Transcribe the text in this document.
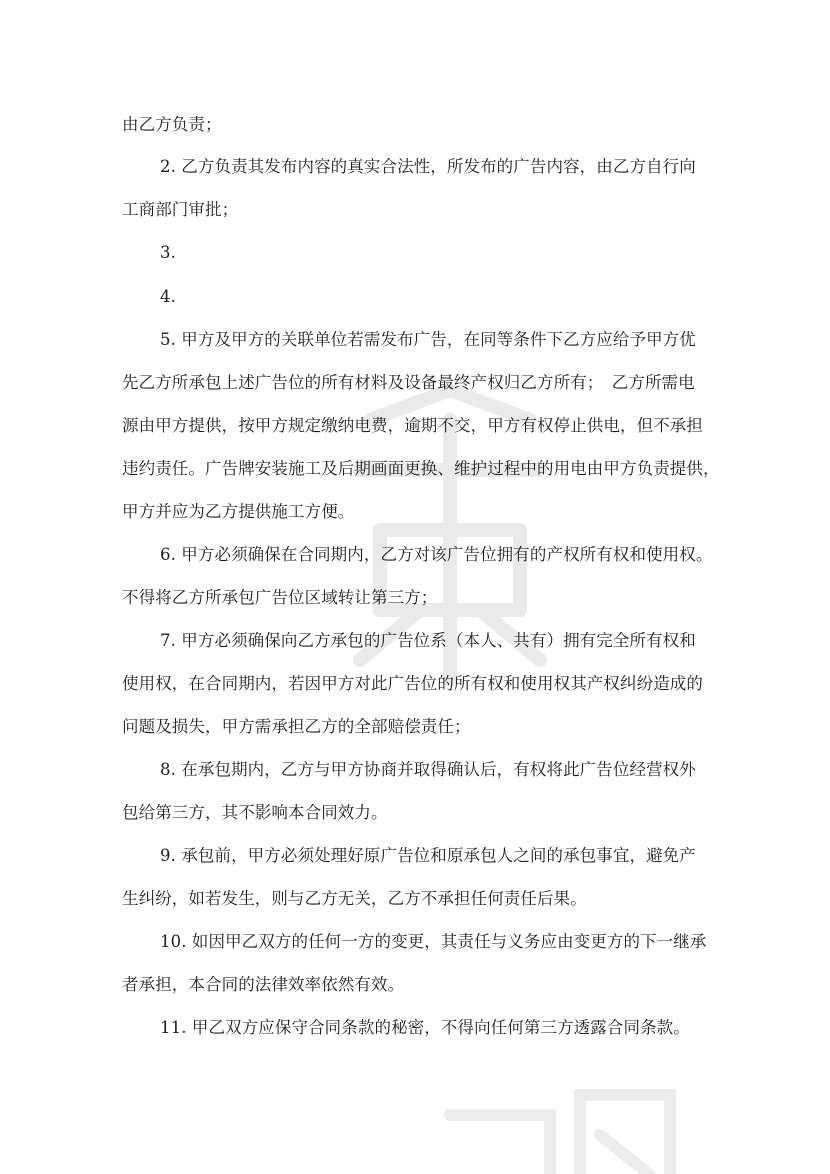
由乙方负责；
2. 乙方负责其发布内容的真实合法性，所发布的广告内容，由乙方自行向
工商部门审批；
3.
4.
5. 甲方及甲方的关联单位若需发布广告，在同等条件下乙方应给予甲方优
先乙方所承包上述广告位的所有材料及设备最终产权归乙方所有；　乙方所需电
源由甲方提供，按甲方规定缴纳电费，逾期不交，甲方有权停止供电，但不承担
违约责任。广告牌安装施工及后期画面更换、维护过程中的用电由甲方负责提供，
甲方并应为乙方提供施工方便。
6. 甲方必须确保在合同期内，乙方对该广告位拥有的产权所有权和使用权。
不得将乙方所承包广告位区域转让第三方；
7. 甲方必须确保向乙方承包的广告位系（本人、共有）拥有完全所有权和
使用权，在合同期内，若因甲方对此广告位的所有权和使用权其产权纠纷造成的
问题及损失，甲方需承担乙方的全部赔偿责任；
8. 在承包期内，乙方与甲方协商并取得确认后，有权将此广告位经营权外
包给第三方，其不影响本合同效力。
9. 承包前，甲方必须处理好原广告位和原承包人之间的承包事宜，避免产
生纠纷，如若发生，则与乙方无关，乙方不承担任何责任后果。
10. 如因甲乙双方的任何一方的变更，其责任与义务应由变更方的下一继承
者承担，本合同的法律效率依然有效。
11. 甲乙双方应保守合同条款的秘密，不得向任何第三方透露合同条款。
